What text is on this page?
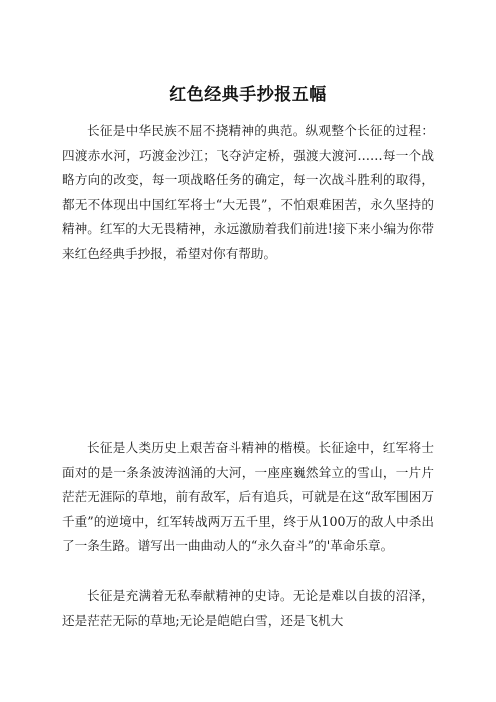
红色经典手抄报五幅

长征是中华民族不屈不挠精神的典范。纵观整个长征的过程：四渡赤水河，巧渡金沙江；飞夺泸定桥，强渡大渡河……每一个战略方向的改变，每一项战略任务的确定，每一次战斗胜利的取得，都无不体现出中国红军将士“大无畏”，不怕艰难困苦，永久坚持的精神。红军的大无畏精神，永远激励着我们前进!接下来小编为你带来红色经典手抄报，希望对你有帮助。

长征是人类历史上艰苦奋斗精神的楷模。长征途中，红军将士面对的是一条条波涛汹涌的大河，一座座巍然耸立的雪山，一片片茫茫无涯际的草地，前有敌军，后有追兵，可就是在这“敌军围困万千重”的逆境中，红军转战两万五千里，终于从100万的敌人中杀出了一条生路。谱写出一曲曲动人的“永久奋斗”的'革命乐章。

长征是充满着无私奉献精神的史诗。无论是难以自拔的沼泽，还是茫茫无际的草地;无论是皑皑白雪，还是飞机大
